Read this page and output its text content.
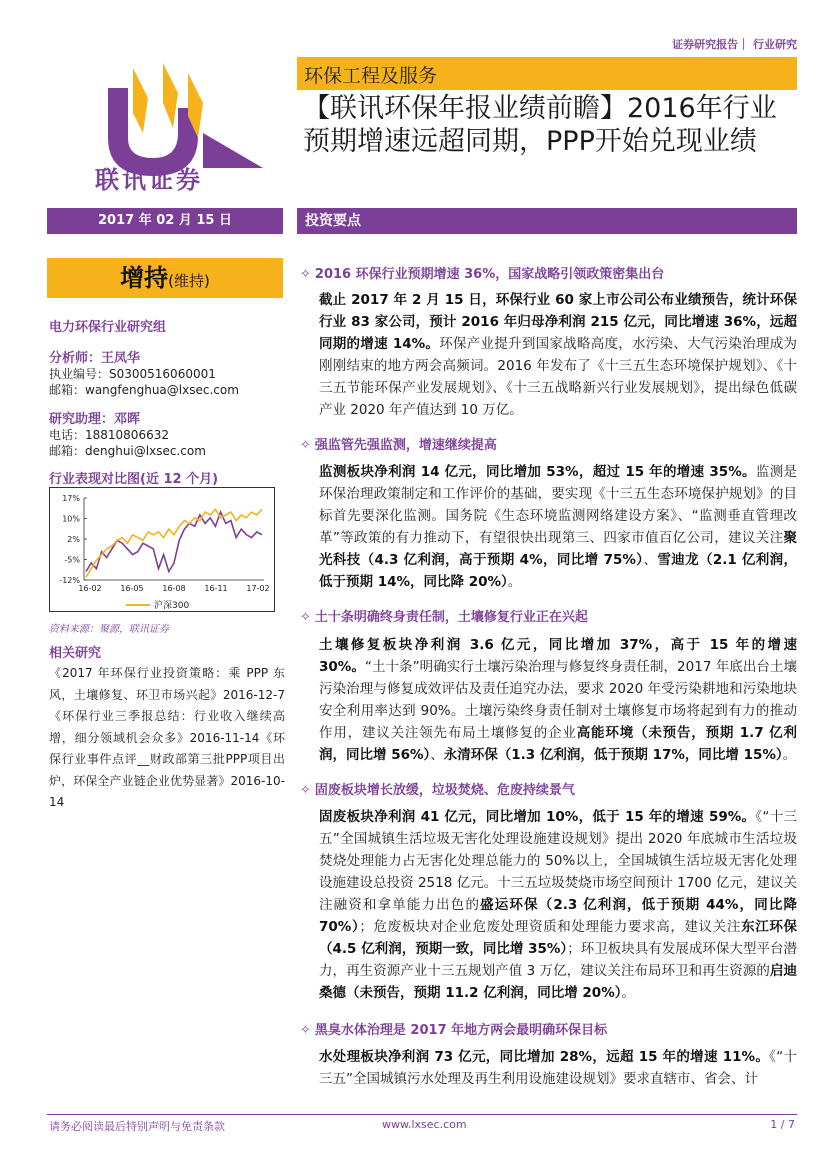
证券研究报告｜ 行业研究
联讯证券
环保工程及服务
【联讯环保年报业绩前瞻】2016年行业预期增速远超同期，PPP开始兑现业绩
2017 年 02 月 15 日	投资要点
增持(维持)
电力环保行业研究组
分析师：王凤华
执业编号：S0300516060001
邮箱：wangfenghua@lxsec.com
研究助理：邓晖
电话：18810806632
邮箱：denghui@lxsec.com
行业表现对比图(近 12 个月)
17%
10%
2%
-5%
-12%
16-02 16-05 16-08 16-11 17-02
沪深300
资料来源：聚源，联讯证券
相关研究
《2017 年环保行业投资策略：乘 PPP 东风，土壤修复、环卫市场兴起》2016-12-7《环保行业三季报总结：行业收入继续高增，细分领域机会众多》2016-11-14《环保行业事件点评__财政部第三批PPP项目出炉，环保全产业链企业优势显著》2016-10-14
✧ 2016 环保行业预期增速 36%，国家战略引领政策密集出台
截止 2017 年 2 月 15 日，环保行业 60 家上市公司公布业绩预告，统计环保行业 83 家公司，预计 2016 年归母净利润 215 亿元，同比增速 36%，远超同期的增速 14%。环保产业提升到国家战略高度，水污染、大气污染治理成为刚刚结束的地方两会高频词。2016 年发布了《十三五生态环境保护规划》、《十三五节能环保产业发展规划》、《十三五战略新兴行业发展规划》，提出绿色低碳产业 2020 年产值达到 10 万亿。
✧ 强监管先强监测，增速继续提高
监测板块净利润 14 亿元，同比增加 53%，超过 15 年的增速 35%。监测是环保治理政策制定和工作评价的基础，要实现《十三五生态环境保护规划》的目标首先要深化监测。国务院《生态环境监测网络建设方案》、“监测垂直管理改革”等政策的有力推动下，有望很快出现第三、四家市值百亿公司，建议关注聚光科技（4.3 亿利润，高于预期 4%，同比增 75%）、雪迪龙（2.1 亿利润，低于预期 14%，同比降 20%）。
✧ 土十条明确终身责任制，土壤修复行业正在兴起
土壤修复板块净利润 3.6 亿元，同比增加 37%，高于 15 年的增速 30%。“土十条”明确实行土壤污染治理与修复终身责任制，2017 年底出台土壤污染治理与修复成效评估及责任追究办法，要求 2020 年受污染耕地和污染地块安全利用率达到 90%。土壤污染终身责任制对土壤修复市场将起到有力的推动作用，建议关注领先布局土壤修复的企业高能环境（未预告，预期 1.7 亿利润，同比增 56%）、永清环保（1.3 亿利润，低于预期 17%，同比增 15%）。
✧ 固废板块增长放缓，垃圾焚烧、危废持续景气
固废板块净利润 41 亿元，同比增加 10%，低于 15 年的增速 59%。《“十三五”全国城镇生活垃圾无害化处理设施建设规划》提出 2020 年底城市生活垃圾焚烧处理能力占无害化处理总能力的 50%以上，全国城镇生活垃圾无害化处理设施建设总投资 2518 亿元。十三五垃圾焚烧市场空间预计 1700 亿元，建议关注融资和拿单能力出色的盛运环保（2.3 亿利润，低于预期 44%，同比降 70%）；危废板块对企业危废处理资质和处理能力要求高，建议关注东江环保（4.5 亿利润，预期一致，同比增 35%）；环卫板块具有发展成环保大型平台潜力，再生资源产业十三五规划产值 3 万亿，建议关注布局环卫和再生资源的启迪桑德（未预告，预期 11.2 亿利润，同比增 20%）。
✧ 黑臭水体治理是 2017 年地方两会最明确环保目标
水处理板块净利润 73 亿元，同比增加 28%，远超 15 年的增速 11%。《“十三五”全国城镇污水处理及再生利用设施建设规划》要求直辖市、省会、计
请务必阅读最后特别声明与免责条款	www.lxsec.com	1 / 7
